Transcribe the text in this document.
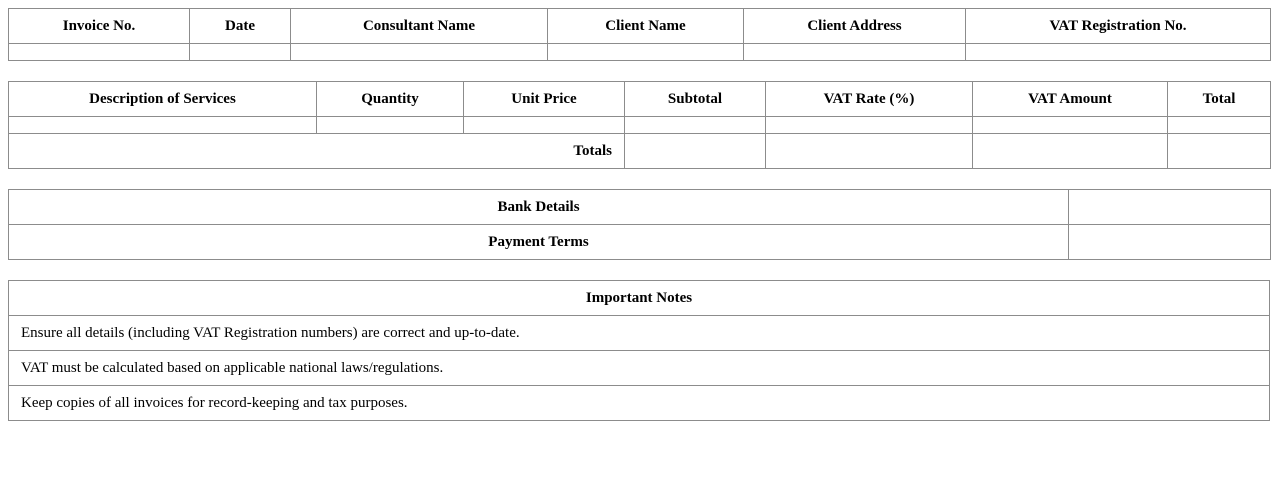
Invoice No.	Date	Consultant Name	Client Name	Client Address	VAT Registration No.

Description of Services	Quantity	Unit Price	Subtotal	VAT Rate (%)	VAT Amount	Total

Totals						
Bank Details	
Payment Terms	
Important Notes
Ensure all details (including VAT Registration numbers) are correct and up-to-date.
VAT must be calculated based on applicable national laws/regulations.
Keep copies of all invoices for record-keeping and tax purposes.
